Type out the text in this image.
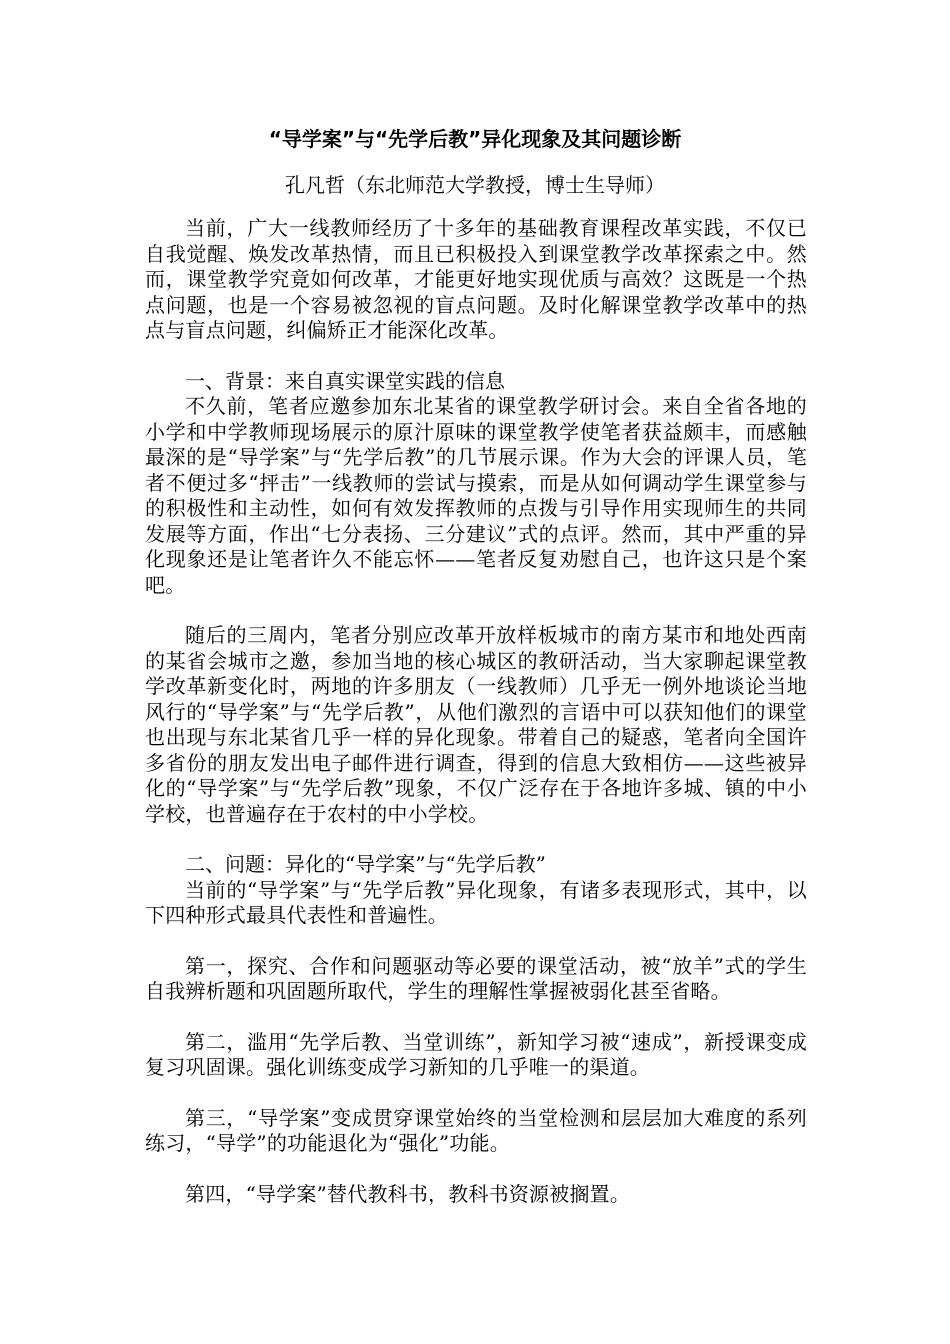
“导学案”与“先学后教”异化现象及其问题诊断

孔凡哲（东北师范大学教授，博士生导师）

当前，广大一线教师经历了十多年的基础教育课程改革实践，不仅已自我觉醒、焕发改革热情，而且已积极投入到课堂教学改革探索之中。然而，课堂教学究竟如何改革，才能更好地实现优质与高效？这既是一个热点问题，也是一个容易被忽视的盲点问题。及时化解课堂教学改革中的热点与盲点问题，纠偏矫正才能深化改革。

一、背景：来自真实课堂实践的信息

不久前，笔者应邀参加东北某省的课堂教学研讨会。来自全省各地的小学和中学教师现场展示的原汁原味的课堂教学使笔者获益颇丰，而感触最深的是“导学案”与“先学后教”的几节展示课。作为大会的评课人员，笔者不便过多“抨击”一线教师的尝试与摸索，而是从如何调动学生课堂参与的积极性和主动性，如何有效发挥教师的点拨与引导作用实现师生的共同发展等方面，作出“七分表扬、三分建议”式的点评。然而，其中严重的异化现象还是让笔者许久不能忘怀——笔者反复劝慰自己，也许这只是个案吧。

随后的三周内，笔者分别应改革开放样板城市的南方某市和地处西南的某省会城市之邀，参加当地的核心城区的教研活动，当大家聊起课堂教学改革新变化时，两地的许多朋友（一线教师）几乎无一例外地谈论当地风行的“导学案”与“先学后教”，从他们激烈的言语中可以获知他们的课堂也出现与东北某省几乎一样的异化现象。带着自己的疑惑，笔者向全国许多省份的朋友发出电子邮件进行调查，得到的信息大致相仿——这些被异化的“导学案”与“先学后教”现象，不仅广泛存在于各地许多城、镇的中小学校，也普遍存在于农村的中小学校。

二、问题：异化的“导学案”与“先学后教”

当前的“导学案”与“先学后教”异化现象，有诸多表现形式，其中，以下四种形式最具代表性和普遍性。

第一，探究、合作和问题驱动等必要的课堂活动，被“放羊”式的学生自我辨析题和巩固题所取代，学生的理解性掌握被弱化甚至省略。

第二，滥用“先学后教、当堂训练”，新知学习被“速成”，新授课变成复习巩固课。强化训练变成学习新知的几乎唯一的渠道。

第三，“导学案”变成贯穿课堂始终的当堂检测和层层加大难度的系列练习，“导学”的功能退化为“强化”功能。

第四，“导学案”替代教科书，教科书资源被搁置。
